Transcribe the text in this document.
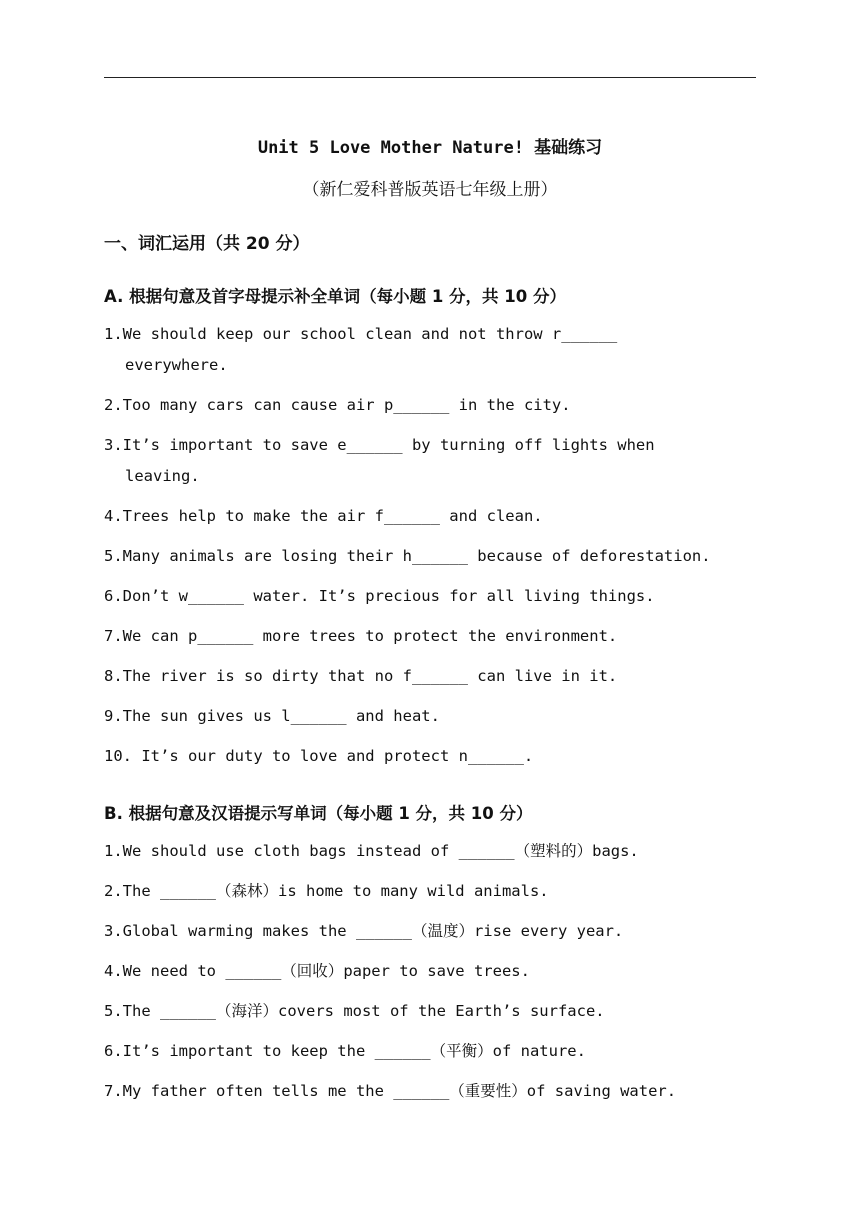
Unit 5 Love Mother Nature! 基础练习
（新仁爱科普版英语七年级上册）
一、词汇运用（共 20 分）
A. 根据句意及首字母提示补全单词（每小题 1 分，共 10 分）
1.We should keep our school clean and not throw r______
everywhere.
2.Too many cars can cause air p______ in the city.
3.It’s important to save e______ by turning off lights when
leaving.
4.Trees help to make the air f______ and clean.
5.Many animals are losing their h______ because of deforestation.
6.Don’t w______ water. It’s precious for all living things.
7.We can p______ more trees to protect the environment.
8.The river is so dirty that no f______ can live in it.
9.The sun gives us l______ and heat.
10. It’s our duty to love and protect n______.
B. 根据句意及汉语提示写单词（每小题 1 分，共 10 分）
1.We should use cloth bags instead of ______（塑料的）bags.
2.The ______（森林）is home to many wild animals.
3.Global warming makes the ______（温度）rise every year.
4.We need to ______（回收）paper to save trees.
5.The ______（海洋）covers most of the Earth’s surface.
6.It’s important to keep the ______（平衡）of nature.
7.My father often tells me the ______（重要性）of saving water.
